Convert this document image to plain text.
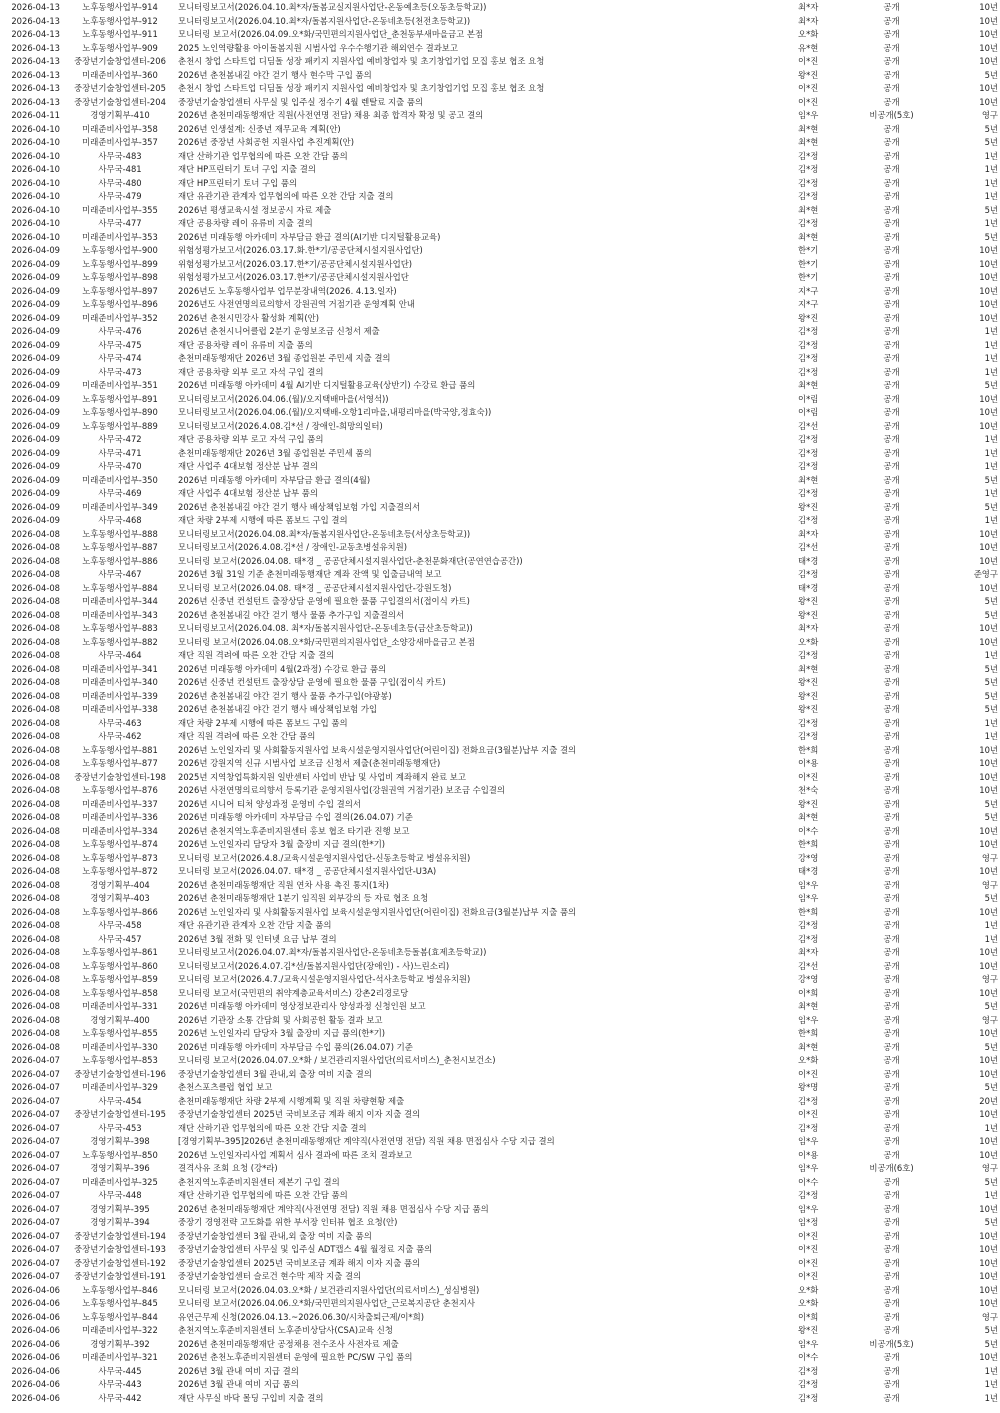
2026-04-13	노후동행사업부-914	모니터링보고서(2026.04.10.최*자/돌봄교실지원사업단-온동예초등(오동초등학교))	최*자	공개	10년
2026-04-13	노후동행사업부-912	모니터링보고서(2026.04.10.최*자/돌봄지원사업단-온동네초등(천전초등학교))	최*자	공개	10년
2026-04-13	노후동행사업부-911	모니터링 보고서(2026.04.09.오*화/국민편의지원사업단_춘천동부새마을금고 본점	오*화	공개	10년
2026-04-13	노후동행사업부-909	2025 노인역량활용 아이돌봄지원 시범사업 우수수행기관 해외연수 결과보고	유*현	공개	10년
2026-04-13	중장년기술창업센터-206	춘천시 창업 스타트업 디딤돌 성장 패키지 지원사업 예비창업자 및 초기창업기업 모집 홍보 협조 요청	이*진	공개	10년
2026-04-13	미래준비사업부-360	2026년 춘천봄내길 야간 걷기 행사 현수막 구입 품의	왕*진	공개	5년
2026-04-13	중장년기술창업센터-205	춘천시 창업 스타트업 디딤돌 성장 패키지 지원사업 예비창업자 및 초기창업기업 모집 홍보 협조 요청	이*진	공개	10년
2026-04-13	중장년기술창업센터-204	중장년기술창업센터 사무실 및 입주실 정수기 4월 렌탈료 지출 품의	이*진	공개	10년
2026-04-11	경영기획부-410	2026년 춘천미래동행재단 직원(사전연명 전담) 채용 최종 합격자 확정 및 공고 결의	임*우	비공개(5호)	영구
2026-04-10	미래준비사업부-358	2026년 인생설계: 신중년 재무교육 계획(안)	최*현	공개	5년
2026-04-10	미래준비사업부-357	2026년 중장년 사회공헌 지원사업 추진계획(안)	최*현	공개	5년
2026-04-10	사무국-483	재단 산하기관 업무협의에 따른 오찬 간담 품의	김*정	공개	1년
2026-04-10	사무국-481	재단 HP프린터기 토너 구입 지출 결의	김*정	공개	1년
2026-04-10	사무국-480	재단 HP프린터기 토너 구입 품의	김*정	공개	1년
2026-04-10	사무국-479	재단 유관기관 관계자 업무협의에 따른 오찬 간담 지출 결의	김*정	공개	1년
2026-04-10	미래준비사업부-355	2026년 평생교육시설 정보공시 자료 제출	최*현	공개	5년
2026-04-10	사무국-477	재단 공용차량 레이 유류비 지출 결의	김*정	공개	1년
2026-04-10	미래준비사업부-353	2026년 미래동행 아카데미 자부담금 환급 결의(AI기반 디지털활용교육)	최*현	공개	5년
2026-04-09	노후동행사업부-900	위험성평가보고서(2026.03.17.화.한*기/공공단체시설지원사업단)	한*기	공개	10년
2026-04-09	노후동행사업부-899	위험성평가보고서(2026.03.17.한*기/공공단체시설지원사업단)	한*기	공개	10년
2026-04-09	노후동행사업부-898	위험성평가보고서(2026.03.17.한*기/공공단체시설지원사업단	한*기	공개	10년
2026-04-09	노후동행사업부-897	2026년도 노후동행사업부 업무분장내역(2026. 4.13.일자)	지*구	공개	10년
2026-04-09	노후동행사업부-896	2026년도 사전연명의료의향서 강원권역 거점기관 운영계획 안내	지*구	공개	10년
2026-04-09	미래준비사업부-352	2026년 춘천시민강사 활성화 계획(안)	왕*진	공개	10년
2026-04-09	사무국-476	2026년 춘천시니어클럽 2분기 운영보조금 신청서 제출	김*정	공개	1년
2026-04-09	사무국-475	재단 공용차량 레이 유류비 지출 품의	김*정	공개	1년
2026-04-09	사무국-474	춘천미래동행재단 2026년 3월 종업원분 주민세 지출 결의	김*정	공개	1년
2026-04-09	사무국-473	재단 공용차량 외부 로고 자석 구입 결의	김*정	공개	1년
2026-04-09	미래준비사업부-351	2026년 미래동행 아카데미 4월 AI기반 디지털활용교육(상반기) 수강료 환급 품의	최*현	공개	5년
2026-04-09	노후동행사업부-891	모니터링보고서(2026.04.06.(월)/오지택배마을(서영석))	이*림	공개	10년
2026-04-09	노후동행사업부-890	모니터링보고서(2026.04.06.(월)/오지택배-오항1리마을,내평리마을(박국양,정효숙))	이*림	공개	10년
2026-04-09	노후동행사업부-889	모니터링보고서(2026.4.08.김*선 / 장애인-희망의일터)	김*선	공개	10년
2026-04-09	사무국-472	재단 공용차량 외부 로고 자석 구입 품의	김*정	공개	1년
2026-04-09	사무국-471	춘천미래동행재단 2026년 3월 종업원분 주민세 품의	김*정	공개	1년
2026-04-09	사무국-470	재단 사업주 4대보험 정산분 납부 결의	김*정	공개	1년
2026-04-09	미래준비사업부-350	2026년 미래동행 아카데미 자부담금 환급 결의(4월)	최*현	공개	5년
2026-04-09	사무국-469	재단 사업주 4대보험 정산분 납부 품의	김*정	공개	1년
2026-04-09	미래준비사업부-349	2026년 춘천봄내길 야간 걷기 행사 배상책임보험 가입 지출결의서	왕*진	공개	5년
2026-04-09	사무국-468	재단 차량 2부제 시행에 따른 폼보드 구입 결의	김*정	공개	1년
2026-04-08	노후동행사업부-888	모니터링보고서(2026.04.08.최*자/돌봄지원사업단-온동네초등(서상초등학교))	최*자	공개	10년
2026-04-08	노후동행사업부-887	모니터링보고서(2026.4.08.김*선 / 장애인-교동초병설유치원)	김*선	공개	10년
2026-04-08	노후동행사업부-886	모니터링 보고서(2026.04.08. 태*경 _ 공공단체시설지원사업단-춘천문화재단(공연연습공간))	태*경	공개	10년
2026-04-08	사무국-467	2026년 3월 31일 기준 춘천미래동행재단 계좌 잔액 및 입출금내역 보고	김*정	공개	준영구
2026-04-08	노후동행사업부-884	모니터링 보고서(2026.04.08. 태*경 _ 공공단체시설지원사업단-강원도청)	태*경	공개	10년
2026-04-08	미래준비사업부-344	2026년 신중년 컨설턴트 출장상담 운영에 필요한 물품 구입결의서(접이식 카트)	왕*진	공개	5년
2026-04-08	미래준비사업부-343	2026년 춘천봄내길 야간 걷기 행사 물품 추가구입 지출결의서	왕*진	공개	5년
2026-04-08	노후동행사업부-883	모니터링보고서(2026.04.08. 최*자/돌봄지원사업단-온동네초등(금산초등학교))	최*자	공개	10년
2026-04-08	노후동행사업부-882	모니터링 보고서(2026.04.08.오*화/국민편의지원사업단_소양강새마을금고 본점	오*화	공개	10년
2026-04-08	사무국-464	재단 직원 격려에 따른 오찬 간담 지출 결의	김*정	공개	1년
2026-04-08	미래준비사업부-341	2026년 미래동행 아카데미 4월(2과정) 수강료 환급 품의	최*현	공개	5년
2026-04-08	미래준비사업부-340	2026년 신중년 컨설턴트 출장상담 운영에 필요한 물품 구입(접이식 카트)	왕*진	공개	5년
2026-04-08	미래준비사업부-339	2026년 춘천봄내길 야간 걷기 행사 물품 추가구입(야광봉)	왕*진	공개	5년
2026-04-08	미래준비사업부-338	2026년 춘천봄내길 야간 걷기 행사 배상책임보험 가입	왕*진	공개	5년
2026-04-08	사무국-463	재단 차량 2부제 시행에 따른 폼보드 구입 품의	김*정	공개	1년
2026-04-08	사무국-462	재단 직원 격려에 따른 오찬 간담 품의	김*정	공개	1년
2026-04-08	노후동행사업부-881	2026년 노인일자리 및 사회활동지원사업 보육시설운영지원사업단(어린이집) 전화요금(3월분)납부 지출 결의	한*희	공개	10년
2026-04-08	노후동행사업부-877	2026년 강원지역 신규 시범사업 보조금 신청서 제출(춘천미래동행재단)	이*용	공개	10년
2026-04-08	중장년기술창업센터-198	2025년 지역창업특화지원 일반센터 사업비 반납 및 사업비 계좌해지 완료 보고	이*진	공개	10년
2026-04-08	노후동행사업부-876	2026년 사전연명의료의향서 등록기관 운영지원사업(강원권역 거점기관) 보조금 수입결의	천*숙	공개	10년
2026-04-08	미래준비사업부-337	2026년 시니어 티처 양성과정 운영비 수입 결의서	왕*진	공개	5년
2026-04-08	미래준비사업부-336	2026년 미래동행 아카데미 자부담금 수입 결의(26.04.07) 기준	최*현	공개	5년
2026-04-08	미래준비사업부-334	2026년 춘천지역노후준비지원센터 홍보 협조 타기관 진행 보고	이*수	공개	10년
2026-04-08	노후동행사업부-874	2026년 노인일자리 담당자 3월 출장비 지급 결의(한*기)	한*희	공개	10년
2026-04-08	노후동행사업부-873	모니터링 보고서(2026.4.8./교육시설운영지원사업단-신동초등학교 병설유치원)	강*영	공개	영구
2026-04-08	노후동행사업부-872	모니터링 보고서(2026.04.07. 태*경 _ 공공단체시설지원사업단-U3A)	태*경	공개	10년
2026-04-08	경영기획부-404	2026년 춘천미래동행재단 직원 연차 사용 촉진 통지(1차)	임*우	공개	영구
2026-04-08	경영기획부-403	2026년 춘천미래동행재단 1분기 임직원 외부강의 등 자료 협조 요청	임*우	공개	5년
2026-04-08	노후동행사업부-866	2026년 노인일자리 및 사회활동지원사업 보육시설운영지원사업단(어린이집) 전화요금(3월분)납부 지출 품의	한*희	공개	10년
2026-04-08	사무국-458	재단 유관기관 관계자 오찬 간담 지출 품의	김*정	공개	1년
2026-04-08	사무국-457	2026년 3월 전화 및 인터넷 요금 납부 결의	김*정	공개	1년
2026-04-08	노후동행사업부-861	모니터링보고서(2026.04.07.최*자/돌봄지원사업단-온동네초등돌봄(효제초등학교))	최*자	공개	10년
2026-04-08	노후동행사업부-860	모니터링보고서(2026.4.07.김*선/돌봄지원사업단(장애인) - 사)느린소리)	김*선	공개	10년
2026-04-08	노후동행사업부-859	모니터링 보고서(2026.4.7./교육시설운영지원사업단-석사초등학교 병설유치원)	강*영	공개	영구
2026-04-08	노후동행사업부-858	모니터링 보고서(국민편의 취약계층교육서비스) 강촌2리경로당	이*희	공개	10년
2026-04-08	미래준비사업부-331	2026년 미래동행 아카데미 영상정보관리사 양성과정 신청인원 보고	최*현	공개	5년
2026-04-08	경영기획부-400	2026년 기관장 소통 간담회 및 사회공헌 활동 결과 보고	임*우	공개	영구
2026-04-08	노후동행사업부-855	2026년 노인일자리 담당자 3월 출장비 지급 품의(한*기)	한*희	공개	10년
2026-04-08	미래준비사업부-330	2026년 미래동행 아카데미 자부담금 수입 품의(26.04.07) 기준	최*현	공개	5년
2026-04-07	노후동행사업부-853	모니터링 보고서(2026.04.07.오*화 / 보건관리지원사업단(의료서비스)_춘천시보건소)	오*화	공개	10년
2026-04-07	중장년기술창업센터-196	중장년기술창업센터 3월 관내,외 출장 여비 지출 결의	이*진	공개	10년
2026-04-07	미래준비사업부-329	춘천스포츠클럽 협업 보고	왕*명	공개	5년
2026-04-07	사무국-454	춘천미래동행재단 차량 2부제 시행계획 및 직원 차량현황 제출	김*정	공개	20년
2026-04-07	중장년기술창업센터-195	중장년기술창업센터 2025년 국비보조금 계좌 해지 이자 지출 결의	이*진	공개	10년
2026-04-07	사무국-453	재단 산하기관 업무협의에 따른 오찬 간담 지출 결의	김*정	공개	1년
2026-04-07	경영기획부-398	[경영기획부-395]2026년 춘천미래동행재단 계약직(사전연명 전담) 직원 채용 면접심사 수당 지급 결의	임*우	공개	10년
2026-04-07	노후동행사업부-850	2026년 노인일자리사업 계획서 심사 결과에 따른 조치 결과보고	이*용	공개	10년
2026-04-07	경영기획부-396	결격사유 조회 요청 (강*라)	임*우	비공개(6호)	영구
2026-04-07	미래준비사업부-325	춘천지역노후준비지원센터 제본기 구입 결의	이*수	공개	5년
2026-04-07	사무국-448	재단 산하기관 업무협의에 따른 오찬 간담 품의	김*정	공개	1년
2026-04-07	경영기획부-395	2026년 춘천미래동행재단 계약직(사전연명 전담) 직원 채용 면접심사 수당 지급 품의	임*우	공개	10년
2026-04-07	경영기획부-394	중장기 경영전략 고도화를 위한 부서장 인터뷰 협조 요청(안)	임*정	공개	5년
2026-04-07	중장년기술창업센터-194	중장년기술창업센터 3월 관내,외 출장 여비 지출 품의	이*진	공개	10년
2026-04-07	중장년기술창업센터-193	중장년기술창업센터 사무실 및 입주실 ADT캡스 4월 월정료 지출 품의	이*진	공개	10년
2026-04-07	중장년기술창업센터-192	중장년기술창업센터 2025년 국비보조금 계좌 해지 이자 지출 품의	이*진	공개	10년
2026-04-07	중장년기술창업센터-191	중장년기술창업센터 슬로건 현수막 제작 지출 결의	이*진	공개	10년
2026-04-06	노후동행사업부-846	모니터링 보고서(2026.04.03.오*화 / 보건관리지원사업단(의료서비스)_성심병원)	오*화	공개	10년
2026-04-06	노후동행사업부-845	모니터링 보고서(2026.04.06.오*화/국민편의지원사업단_근로복지공단 춘천지사	오*화	공개	10년
2026-04-06	노후동행사업부-844	유연근무제 신청(2026.04.13.~2026.06.30/시차출퇴근제/이*희)	이*희	공개	영구
2026-04-06	미래준비사업부-322	춘천지역노후준비지원센터 노후준비상담사(CSA)교육 신청	왕*진	공개	5년
2026-04-06	경영기획부-392	2026년 춘천미래동행재단 공정채용 전수조사 사전자료 제출	임*우	비공개(5호)	5년
2026-04-06	미래준비사업부-321	2026년 춘천노후준비지원센터 운영에 필요한 PC/SW 구입 품의	이*수	공개	10년
2026-04-06	사무국-445	2026년 3월 관내 여비 지급 결의	김*정	공개	1년
2026-04-06	사무국-443	2026년 3월 관내 여비 지급 품의	김*정	공개	1년
2026-04-06	사무국-442	재단 사무실 바닥 몰딩 구입비 지출 결의	김*정	공개	1년
